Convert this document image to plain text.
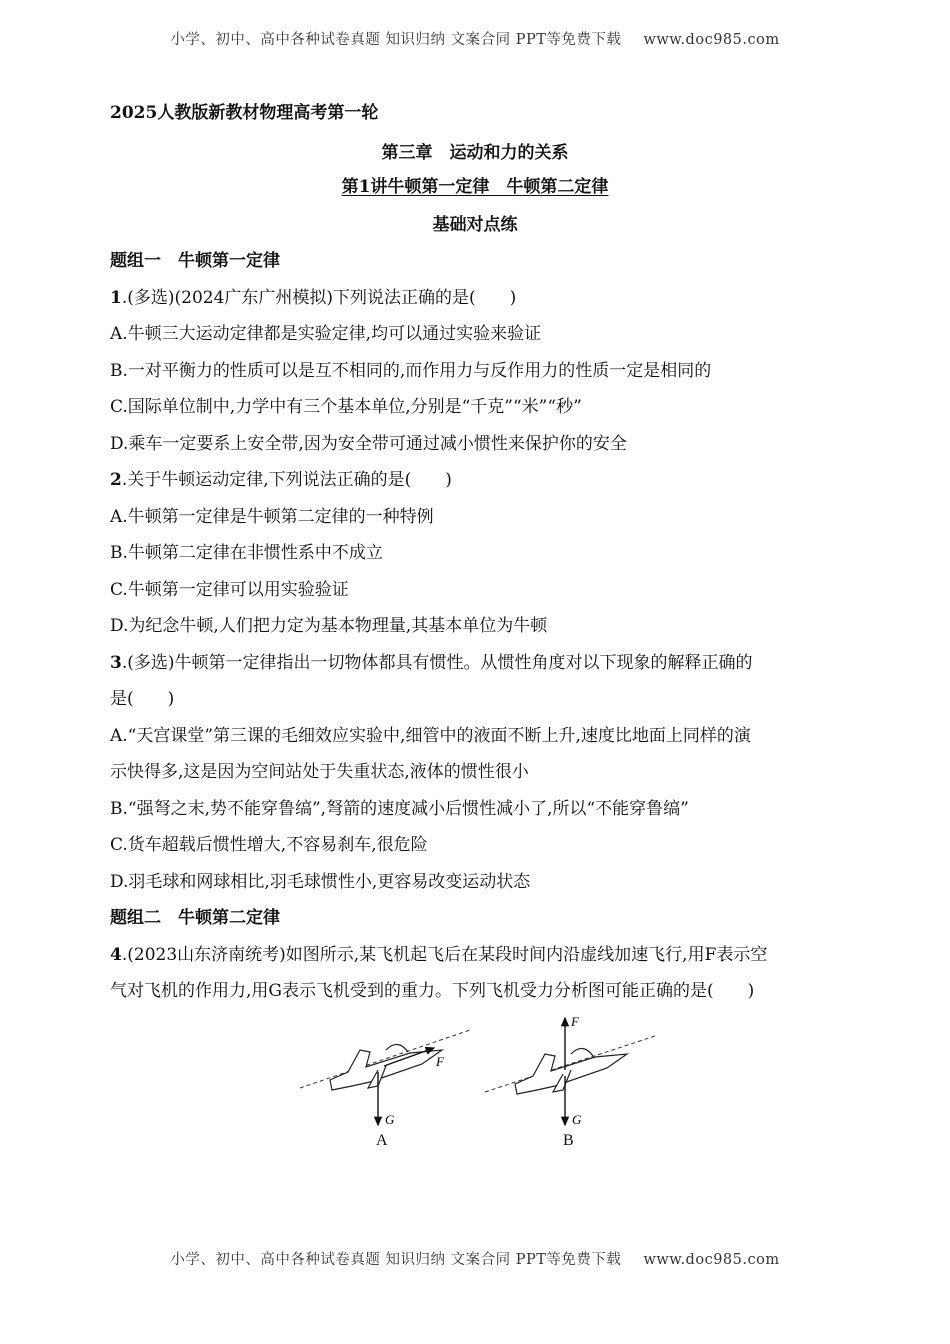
小学、初中、高中各种试卷真题 知识归纳 文案合同 PPT等免费下载 www.doc985.com
2025人教版新教材物理高考第一轮
第三章　运动和力的关系
第1讲牛顿第一定律　牛顿第二定律
基础对点练
题组一　牛顿第一定律
1.(多选)(2024广东广州模拟)下列说法正确的是(　　)
A.牛顿三大运动定律都是实验定律,均可以通过实验来验证
B.一对平衡力的性质可以是互不相同的,而作用力与反作用力的性质一定是相同的
C.国际单位制中,力学中有三个基本单位,分别是“千克”“米”“秒”
D.乘车一定要系上安全带,因为安全带可通过减小惯性来保护你的安全
2.关于牛顿运动定律,下列说法正确的是(　　)
A.牛顿第一定律是牛顿第二定律的一种特例
B.牛顿第二定律在非惯性系中不成立
C.牛顿第一定律可以用实验验证
D.为纪念牛顿,人们把力定为基本物理量,其基本单位为牛顿
3.(多选)牛顿第一定律指出一切物体都具有惯性。从惯性角度对以下现象的解释正确的
是(　　)
A.“天宫课堂”第三课的毛细效应实验中,细管中的液面不断上升,速度比地面上同样的演
示快得多,这是因为空间站处于失重状态,液体的惯性很小
B.“强弩之末,势不能穿鲁缟”,弩箭的速度减小后惯性减小了,所以“不能穿鲁缟”
C.货车超载后惯性增大,不容易刹车,很危险
D.羽毛球和网球相比,羽毛球惯性小,更容易改变运动状态
题组二　牛顿第二定律
4.(2023山东济南统考)如图所示,某飞机起飞后在某段时间内沿虚线加速飞行,用F表示空
气对飞机的作用力,用G表示飞机受到的重力。下列飞机受力分析图可能正确的是(　　)
F
G
F
G
A	B
小学、初中、高中各种试卷真题 知识归纳 文案合同 PPT等免费下载 www.doc985.com
